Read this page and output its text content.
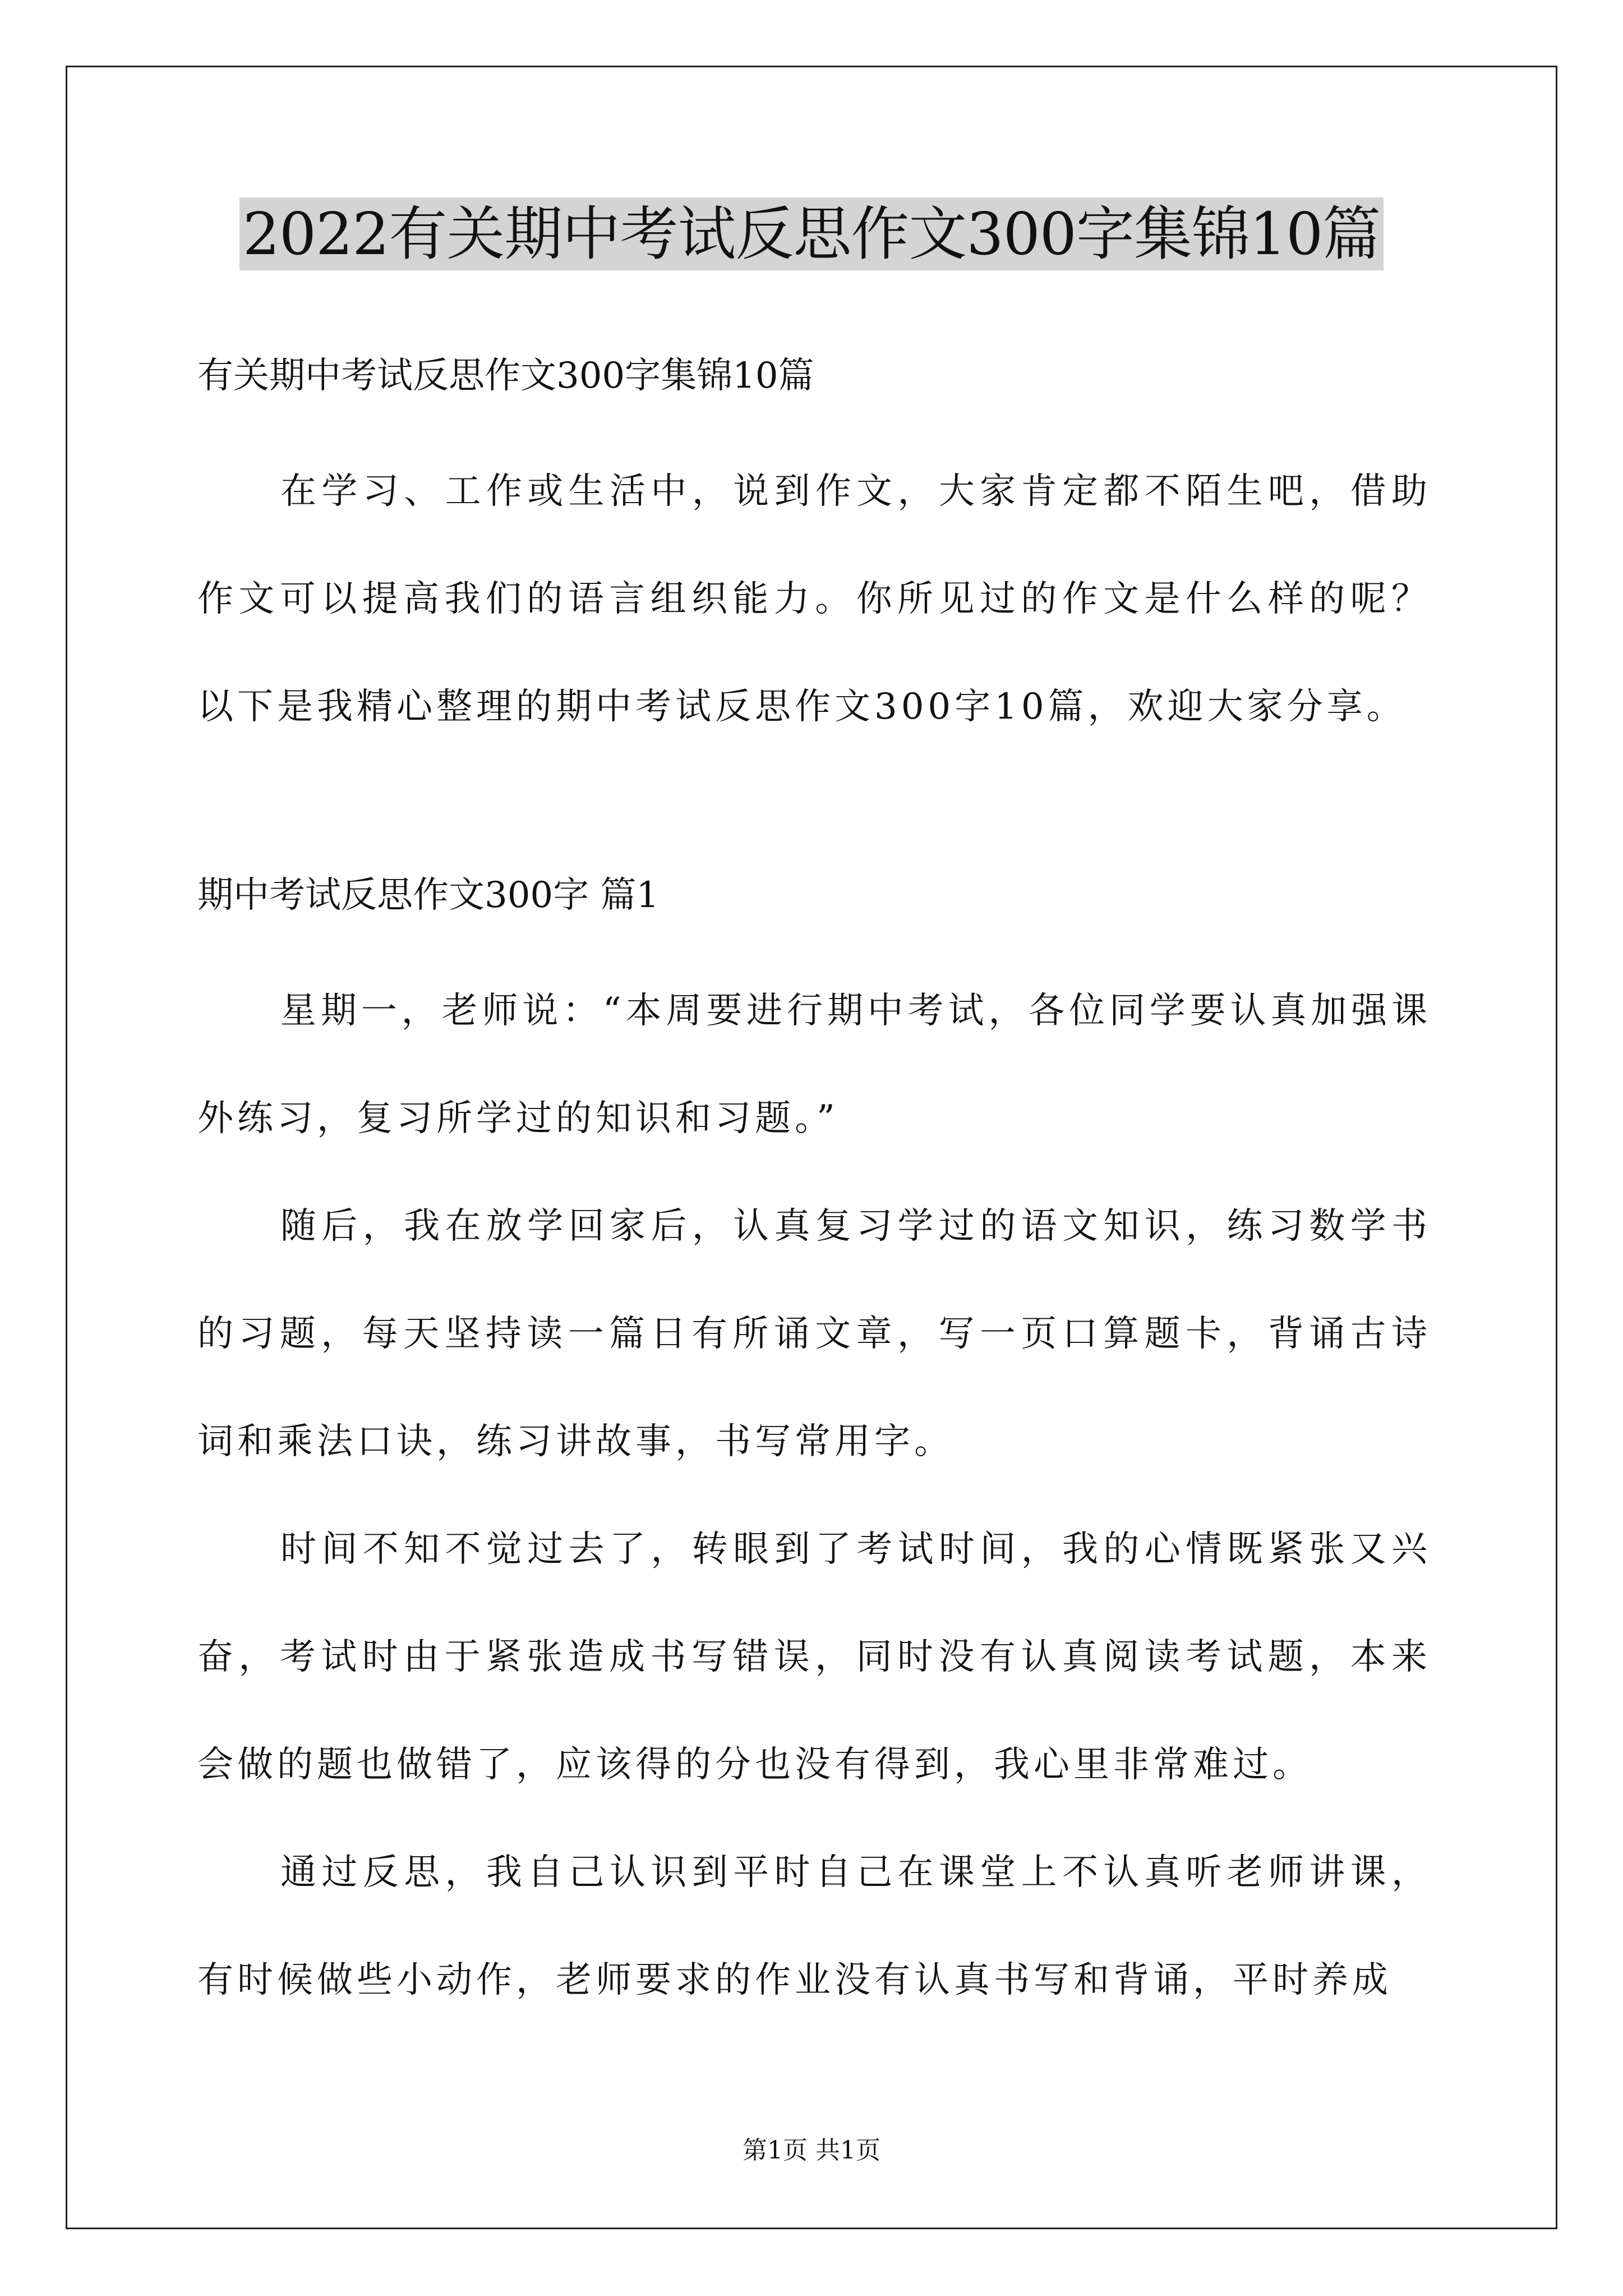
2022有关期中考试反思作文300字集锦10篇

有关期中考试反思作文300字集锦10篇

在学习、工作或生活中，说到作文，大家肯定都不陌生吧，借助作文可以提高我们的语言组织能力。你所见过的作文是什么样的呢？以下是我精心整理的期中考试反思作文300字10篇，欢迎大家分享。

期中考试反思作文300字 篇1

星期一，老师说：“本周要进行期中考试，各位同学要认真加强课外练习，复习所学过的知识和习题。”

随后，我在放学回家后，认真复习学过的语文知识，练习数学书的习题，每天坚持读一篇日有所诵文章，写一页口算题卡，背诵古诗词和乘法口诀，练习讲故事，书写常用字。

时间不知不觉过去了，转眼到了考试时间，我的心情既紧张又兴奋，考试时由于紧张造成书写错误，同时没有认真阅读考试题，本来会做的题也做错了，应该得的分也没有得到，我心里非常难过。

通过反思，我自己认识到平时自己在课堂上不认真听老师讲课，有时候做些小动作，老师要求的作业没有认真书写和背诵，平时养成

第1页 共1页
